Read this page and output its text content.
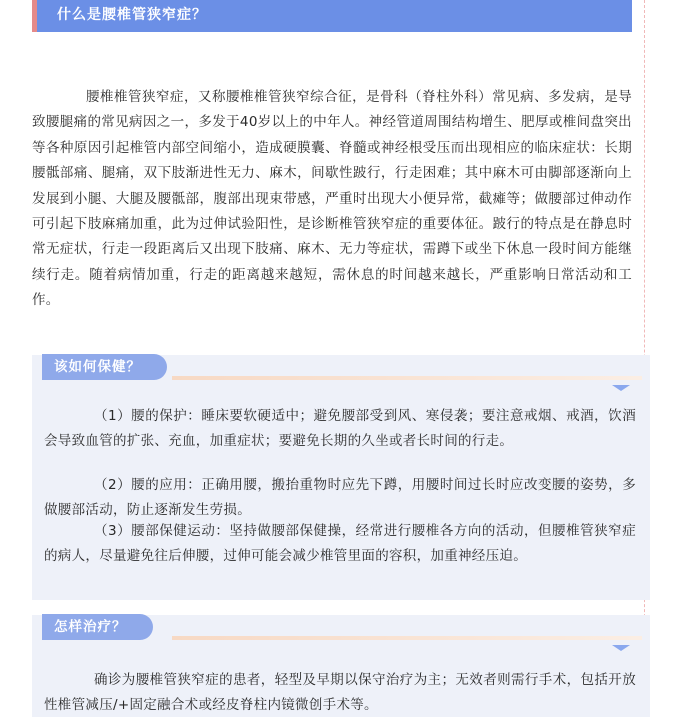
什么是腰椎管狭窄症？

腰椎椎管狭窄症，又称腰椎椎管狭窄综合征，是骨科（脊柱外科）常见病、多发病，是导致腰腿痛的常见病因之一，多发于40岁以上的中年人。神经管道周围结构增生、肥厚或椎间盘突出等各种原因引起椎管内部空间缩小，造成硬膜囊、脊髓或神经根受压而出现相应的临床症状：长期腰骶部痛、腿痛，双下肢渐进性无力、麻木，间歇性跛行，行走困难；其中麻木可由脚部逐渐向上发展到小腿、大腿及腰骶部，腹部出现束带感，严重时出现大小便异常，截瘫等；做腰部过伸动作可引起下肢麻痛加重，此为过伸试验阳性，是诊断椎管狭窄症的重要体征。跛行的特点是在静息时常无症状，行走一段距离后又出现下肢痛、麻木、无力等症状，需蹲下或坐下休息一段时间方能继续行走。随着病情加重，行走的距离越来越短，需休息的时间越来越长，严重影响日常活动和工作。

该如何保健？

（1）腰的保护：睡床要软硬适中；避免腰部受到风、寒侵袭；要注意戒烟、戒酒，饮酒会导致血管的扩张、充血，加重症状；要避免长期的久坐或者长时间的行走。

（2）腰的应用：正确用腰，搬抬重物时应先下蹲，用腰时间过长时应改变腰的姿势，多做腰部活动，防止逐渐发生劳损。

（3）腰部保健运动：坚持做腰部保健操，经常进行腰椎各方向的活动，但腰椎管狭窄症的病人，尽量避免往后伸腰，过伸可能会减少椎管里面的容积，加重神经压迫。

怎样治疗？

确诊为腰椎管狭窄症的患者，轻型及早期以保守治疗为主；无效者则需行手术，包括开放性椎管减压/+固定融合术或经皮脊柱内镜微创手术等。
